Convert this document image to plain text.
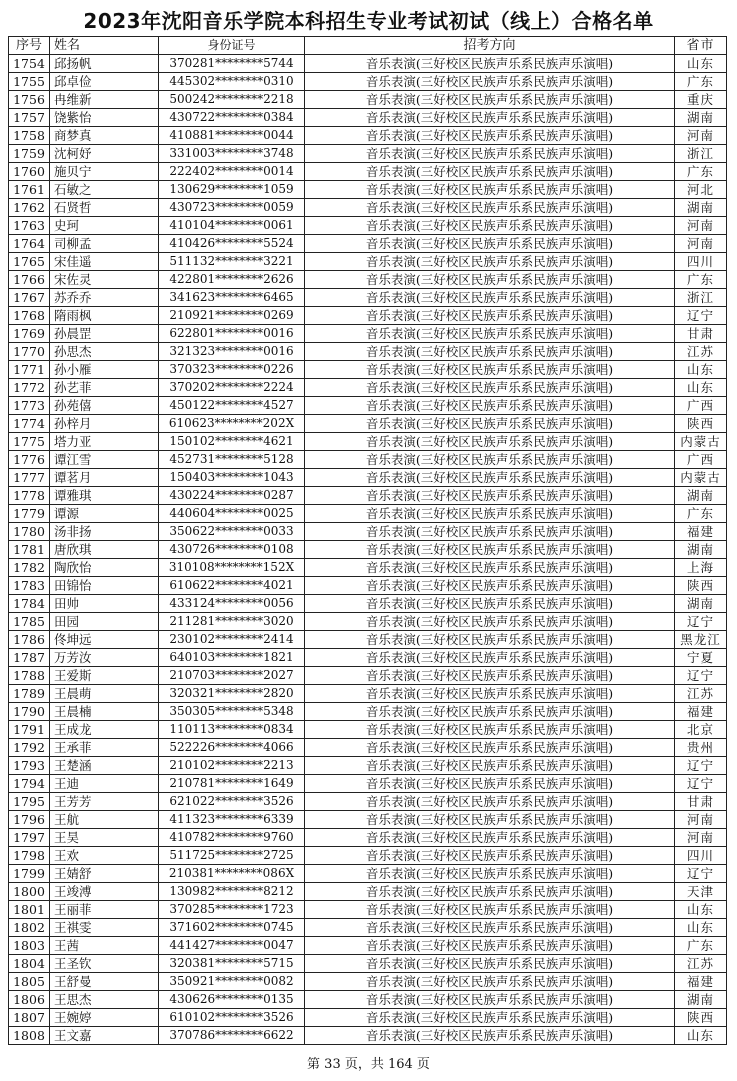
2023年沈阳音乐学院本科招生专业考试初试（线上）合格名单
序号	姓名	身份证号	招考方向	省市
1754	邱扬帆	370281********5744	音乐表演(三好校区民族声乐系民族声乐演唱)	山东
1755	邱卓俭	445302********0310	音乐表演(三好校区民族声乐系民族声乐演唱)	广东
1756	冉维新	500242********2218	音乐表演(三好校区民族声乐系民族声乐演唱)	重庆
1757	饶紫怡	430722********0384	音乐表演(三好校区民族声乐系民族声乐演唱)	湖南
1758	商梦真	410881********0044	音乐表演(三好校区民族声乐系民族声乐演唱)	河南
1759	沈柯妤	331003********3748	音乐表演(三好校区民族声乐系民族声乐演唱)	浙江
1760	施贝宁	222402********0014	音乐表演(三好校区民族声乐系民族声乐演唱)	广东
1761	石敏之	130629********1059	音乐表演(三好校区民族声乐系民族声乐演唱)	河北
1762	石贤哲	430723********0059	音乐表演(三好校区民族声乐系民族声乐演唱)	湖南
1763	史珂	410104********0061	音乐表演(三好校区民族声乐系民族声乐演唱)	河南
1764	司柳孟	410426********5524	音乐表演(三好校区民族声乐系民族声乐演唱)	河南
1765	宋佳遥	511132********3221	音乐表演(三好校区民族声乐系民族声乐演唱)	四川
1766	宋佐灵	422801********2626	音乐表演(三好校区民族声乐系民族声乐演唱)	广东
1767	苏乔乔	341623********6465	音乐表演(三好校区民族声乐系民族声乐演唱)	浙江
1768	隋雨枫	210921********0269	音乐表演(三好校区民族声乐系民族声乐演唱)	辽宁
1769	孙晨罡	622801********0016	音乐表演(三好校区民族声乐系民族声乐演唱)	甘肃
1770	孙思杰	321323********0016	音乐表演(三好校区民族声乐系民族声乐演唱)	江苏
1771	孙小雁	370323********0226	音乐表演(三好校区民族声乐系民族声乐演唱)	山东
1772	孙艺菲	370202********2224	音乐表演(三好校区民族声乐系民族声乐演唱)	山东
1773	孙苑僖	450122********4527	音乐表演(三好校区民族声乐系民族声乐演唱)	广西
1774	孙梓月	610623********202X	音乐表演(三好校区民族声乐系民族声乐演唱)	陕西
1775	塔力亚	150102********4621	音乐表演(三好校区民族声乐系民族声乐演唱)	内蒙古
1776	谭江雪	452731********5128	音乐表演(三好校区民族声乐系民族声乐演唱)	广西
1777	谭茗月	150403********1043	音乐表演(三好校区民族声乐系民族声乐演唱)	内蒙古
1778	谭雅琪	430224********0287	音乐表演(三好校区民族声乐系民族声乐演唱)	湖南
1779	谭源	440604********0025	音乐表演(三好校区民族声乐系民族声乐演唱)	广东
1780	汤非扬	350622********0033	音乐表演(三好校区民族声乐系民族声乐演唱)	福建
1781	唐欣琪	430726********0108	音乐表演(三好校区民族声乐系民族声乐演唱)	湖南
1782	陶欣怡	310108********152X	音乐表演(三好校区民族声乐系民族声乐演唱)	上海
1783	田锦怡	610622********4021	音乐表演(三好校区民族声乐系民族声乐演唱)	陕西
1784	田帅	433124********0056	音乐表演(三好校区民族声乐系民族声乐演唱)	湖南
1785	田园	211281********3020	音乐表演(三好校区民族声乐系民族声乐演唱)	辽宁
1786	佟坤远	230102********2414	音乐表演(三好校区民族声乐系民族声乐演唱)	黑龙江
1787	万芳汝	640103********1821	音乐表演(三好校区民族声乐系民族声乐演唱)	宁夏
1788	王爱斯	210703********2027	音乐表演(三好校区民族声乐系民族声乐演唱)	辽宁
1789	王晨萌	320321********2820	音乐表演(三好校区民族声乐系民族声乐演唱)	江苏
1790	王晨楠	350305********5348	音乐表演(三好校区民族声乐系民族声乐演唱)	福建
1791	王成龙	110113********0834	音乐表演(三好校区民族声乐系民族声乐演唱)	北京
1792	王承菲	522226********4066	音乐表演(三好校区民族声乐系民族声乐演唱)	贵州
1793	王楚涵	210102********2213	音乐表演(三好校区民族声乐系民族声乐演唱)	辽宁
1794	王迪	210781********1649	音乐表演(三好校区民族声乐系民族声乐演唱)	辽宁
1795	王芳芳	621022********3526	音乐表演(三好校区民族声乐系民族声乐演唱)	甘肃
1796	王航	411323********6339	音乐表演(三好校区民族声乐系民族声乐演唱)	河南
1797	王昊	410782********9760	音乐表演(三好校区民族声乐系民族声乐演唱)	河南
1798	王欢	511725********2725	音乐表演(三好校区民族声乐系民族声乐演唱)	四川
1799	王婧舒	210381********086X	音乐表演(三好校区民族声乐系民族声乐演唱)	辽宁
1800	王竣溥	130982********8212	音乐表演(三好校区民族声乐系民族声乐演唱)	天津
1801	王丽菲	370285********1723	音乐表演(三好校区民族声乐系民族声乐演唱)	山东
1802	王祺雯	371602********0745	音乐表演(三好校区民族声乐系民族声乐演唱)	山东
1803	王茜	441427********0047	音乐表演(三好校区民族声乐系民族声乐演唱)	广东
1804	王圣钦	320381********5715	音乐表演(三好校区民族声乐系民族声乐演唱)	江苏
1805	王舒曼	350921********0082	音乐表演(三好校区民族声乐系民族声乐演唱)	福建
1806	王思杰	430626********0135	音乐表演(三好校区民族声乐系民族声乐演唱)	湖南
1807	王婉婷	610102********3526	音乐表演(三好校区民族声乐系民族声乐演唱)	陕西
1808	王文嘉	370786********6622	音乐表演(三好校区民族声乐系民族声乐演唱)	山东
第 33 页，共 164 页
